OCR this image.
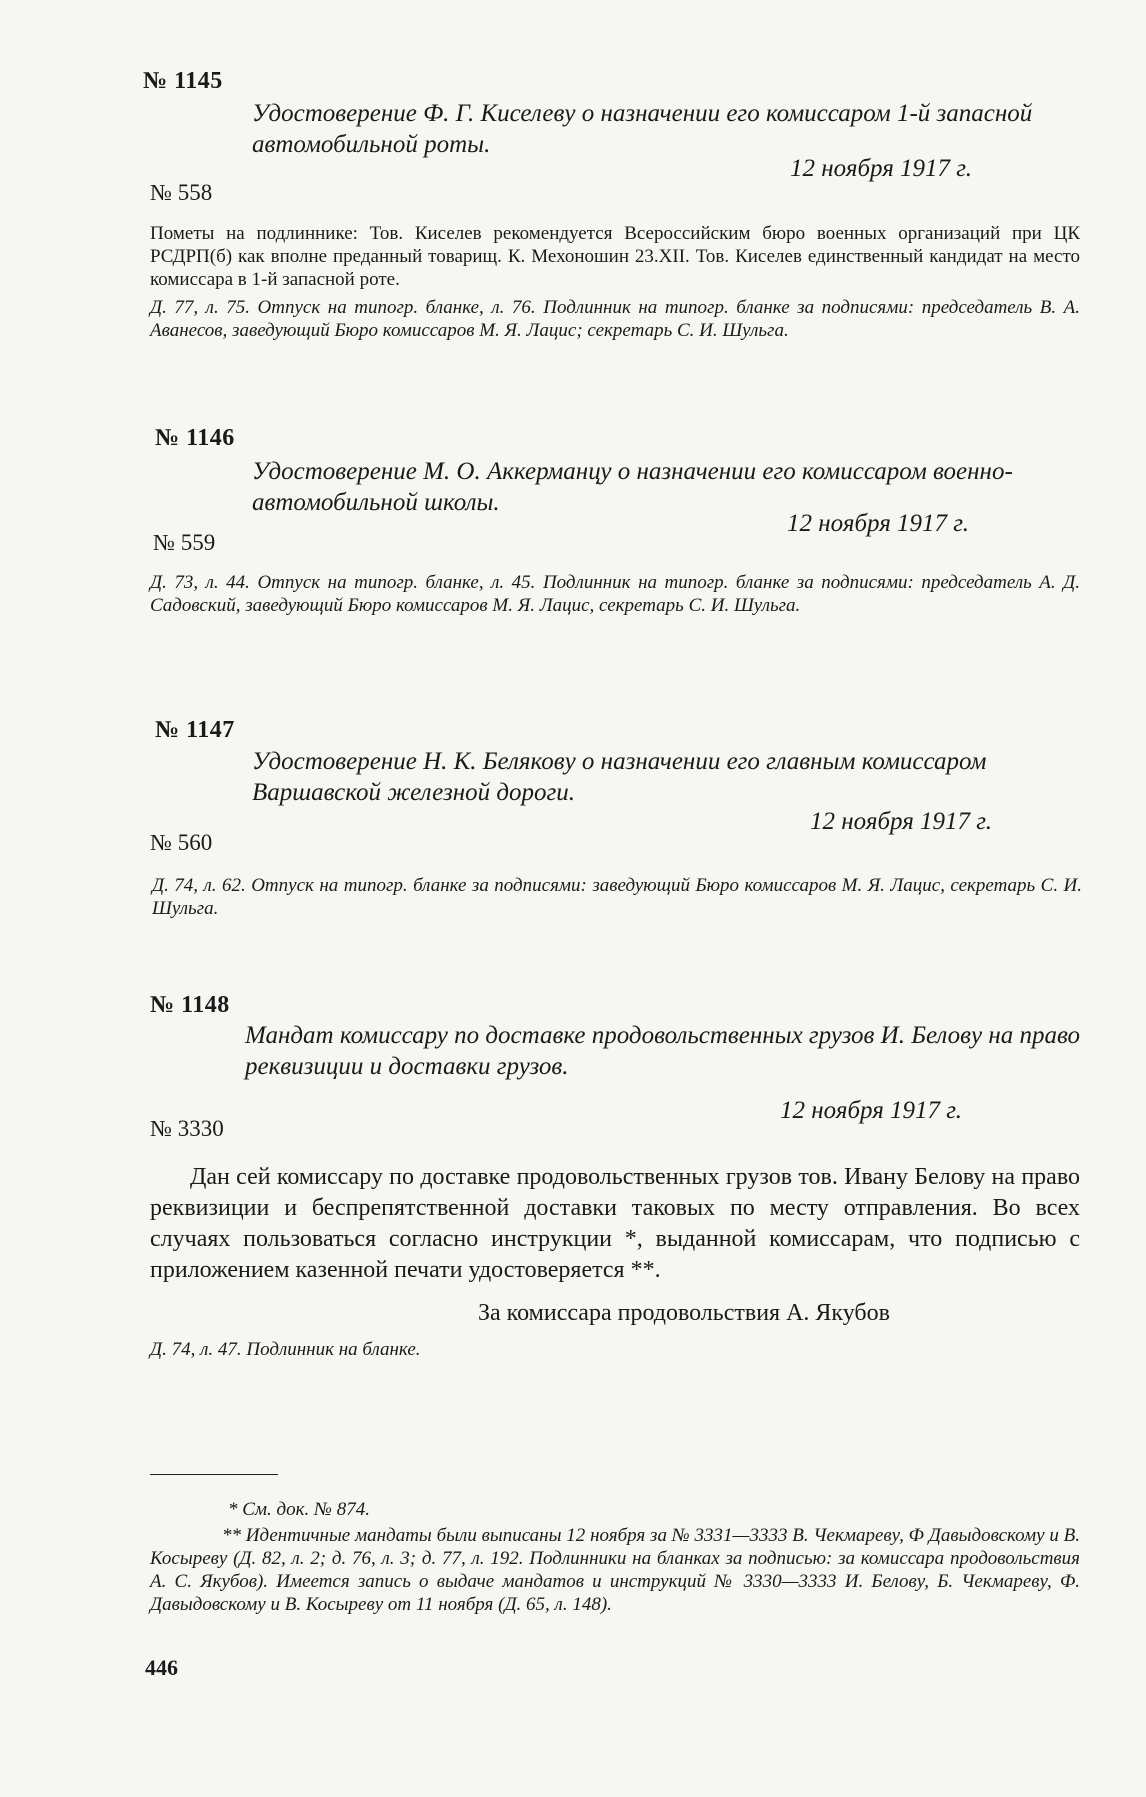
№ 1145

Удостоверение Ф. Г. Киселеву о назначении его комиссаром 1-й запасной автомобильной роты.

12 ноября 1917 г.
№ 558

Пометы на подлиннике: Тов. Киселев рекомендуется Всероссийским бюро военных организаций при ЦК РСДРП(б) как вполне преданный товарищ. К. Мехоношин 23.XII. Тов. Киселев единственный кандидат на место комиссара в 1-й запасной роте.

Д. 77, л. 75. Отпуск на типогр. бланке, л. 76. Подлинник на типогр. бланке за подписями: председатель В. А. Аванесов, заведующий Бюро комиссаров М. Я. Лацис; секретарь С. И. Шульга.

№ 1146

Удостоверение М. О. Аккерманцу о назначении его комиссаром военно-автомобильной школы.

12 ноября 1917 г.
№ 559

Д. 73, л. 44. Отпуск на типогр. бланке, л. 45. Подлинник на типогр. бланке за подписями: председатель А. Д. Садовский, заведующий Бюро комиссаров М. Я. Лацис, секретарь С. И. Шульга.

№ 1147

Удостоверение Н. К. Белякову о назначении его главным комиссаром Варшавской железной дороги.

12 ноября 1917 г.
№ 560

Д. 74, л. 62. Отпуск на типогр. бланке за подписями: заведующий Бюро комиссаров М. Я. Лацис, секретарь С. И. Шульга.

№ 1148

Мандат комиссару по доставке продовольственных грузов И. Белову на право реквизиции и доставки грузов.

12 ноября 1917 г.
№ 3330

Дан сей комиссару по доставке продовольственных грузов тов. Ивану Белову на право реквизиции и беспрепятственной доставки таковых по месту отправления. Во всех случаях пользоваться согласно инструкции *, выданной комиссарам, что подписью с приложением казенной печати удостоверяется **.

За комиссара продовольствия А. Якубов

Д. 74, л. 47. Подлинник на бланке.

* См. док. № 874.

** Идентичные мандаты были выписаны 12 ноября за № 3331—3333 В. Чекмареву, Ф Давыдовскому и В. Косыреву (Д. 82, л. 2; д. 76, л. 3; д. 77, л. 192. Подлинники на бланках за подписью: за комиссара продовольствия А. С. Якубов). Имеется запись о выдаче мандатов и инструкций № 3330—3333 И. Белову, Б. Чекмареву, Ф. Давыдовскому и В. Косыреву от 11 ноября (Д. 65, л. 148).

446
